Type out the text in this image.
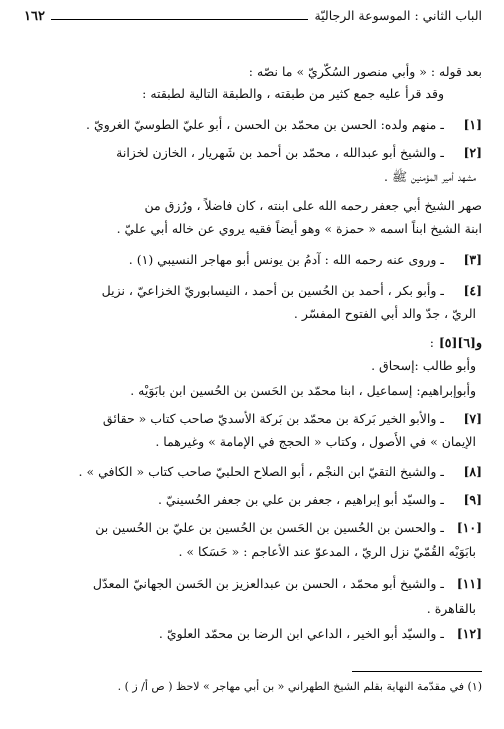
الباب الثاني : الموسوعة الرجاليّة
١٦٢
بعد قوله : « وأبي منصور السُكّريّ » ما نصّه :
وقد قرأ عليه جمع كثير من طبقته ، والطبقة التالية لطبقته :
[١]
ـ منهم ولده: الحسن بن محمّد بن الحسن ، أبو عليّ الطوسيّ الغرويّ .
[٢]
ـ والشيخ أبو عبدالله ، محمّد بن أحمد بن شَهريار ، الخازن لخزانة
مشهد أمير المؤمنين ﷺ .
صهر الشيخ أبي جعفر رحمه الله على ابنته ، كان فاضلاً ، ورُزق من
ابنة الشيخ ابناً اسمه « حمزة » وهو أيضاً فقيه يروي عن خاله أبي عليّ .
[٣]
ـ وروى عنه رحمه الله : آدمُ بن يونس أبو مهاجر النسيبي (١) .
[٤]
ـ وأبو بكر ، أحمد بن الحُسين بن أحمد ، النيسابوريّ الخزاعيّ ، نزيل
الريّ ، جدّ والد أبي الفتوح المفسّر .
[٥]و[٦]
:
وأبو طالب :إسحاق .
وأبوإبراهيم: إسماعيل ، ابنا محمّد بن الحَسن بن الحُسين ابن بابَوَيْه .
[٧]
ـ والأبو الخير بَركة بن محمّد بن بَركة الأسديّ صاحب كتاب « حقائق
الإيمان » في الأُصول ، وكتاب « الحجج في الإمامة » وغيرهما .
[٨]
ـ والشيخ التقيّ ابن النجْم ، أبو الصلاح الحلبيّ صاحب كتاب « الكافي » .
[٩]
ـ والسيّد أبو إبراهيم ، جعفر بن علي بن جعفر الحُسينيّ .
[١٠]
ـ والحسن بن الحُسين بن الحَسن بن الحُسين بن عليّ بن الحُسين بن
بابَوَيْه القُمّيّ نزل الريّ ، المدعوّ عند الأعاجم : « حَسَكا » .
[١١]
ـ والشيخ أبو محمّد ، الحسن بن عبدالعزيز بن الحَسن الجهانيّ المعدّل
بالقاهرة .
[١٢]
ـ والسيّد أبو الخير ، الداعي ابن الرضا بن محمّد العلويّ .
(١) في مقدّمة النهاية بقلم الشيخ الطهراني « بن أبي مهاجر » لاحظ ( ص أ/ ز ) .
